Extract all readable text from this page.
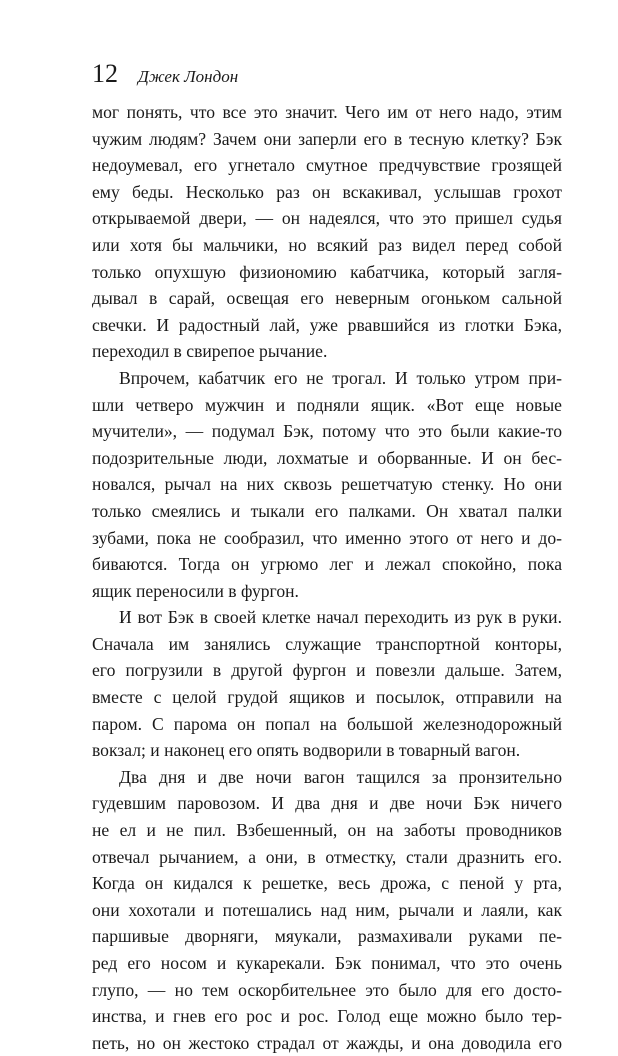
12 Джек Лондон
мог понять, что все это значит. Чего им от него надо, этим
чужим людям? Зачем они заперли его в тесную клетку? Бэк
недоумевал, его угнетало смутное предчувствие грозящей
ему беды. Несколько раз он вскакивал, услышав грохот
открываемой двери, — он надеялся, что это пришел судья
или хотя бы мальчики, но всякий раз видел перед собой
только опухшую физиономию кабатчика, который загля-
дывал в сарай, освещая его неверным огоньком сальной
свечки. И радостный лай, уже рвавшийся из глотки Бэка,
переходил в свирепое рычание.
Впрочем, кабатчик его не трогал. И только утром при-
шли четверо мужчин и подняли ящик. «Вот еще новые
мучители», — подумал Бэк, потому что это были какие-то
подозрительные люди, лохматые и оборванные. И он бес-
новался, рычал на них сквозь решетчатую стенку. Но они
только смеялись и тыкали его палками. Он хватал палки
зубами, пока не сообразил, что именно этого от него и до-
биваются. Тогда он угрюмо лег и лежал спокойно, пока
ящик переносили в фургон.
И вот Бэк в своей клетке начал переходить из рук в руки.
Сначала им занялись служащие транспортной конторы,
его погрузили в другой фургон и повезли дальше. Затем,
вместе с целой грудой ящиков и посылок, отправили на
паром. С парома он попал на большой железнодорожный
вокзал; и наконец его опять водворили в товарный вагон.
Два дня и две ночи вагон тащился за пронзительно
гудевшим паровозом. И два дня и две ночи Бэк ничего
не ел и не пил. Взбешенный, он на заботы проводников
отвечал рычанием, а они, в отместку, стали дразнить его.
Когда он кидался к решетке, весь дрожа, с пеной у рта,
они хохотали и потешались над ним, рычали и лаяли, как
паршивые дворняги, мяукали, размахивали руками пе-
ред его носом и кукарекали. Бэк понимал, что это очень
глупо, — но тем оскорбительнее это было для его досто-
инства, и гнев его рос и рос. Голод еще можно было тер-
петь, но он жестоко страдал от жажды, и она доводила его
